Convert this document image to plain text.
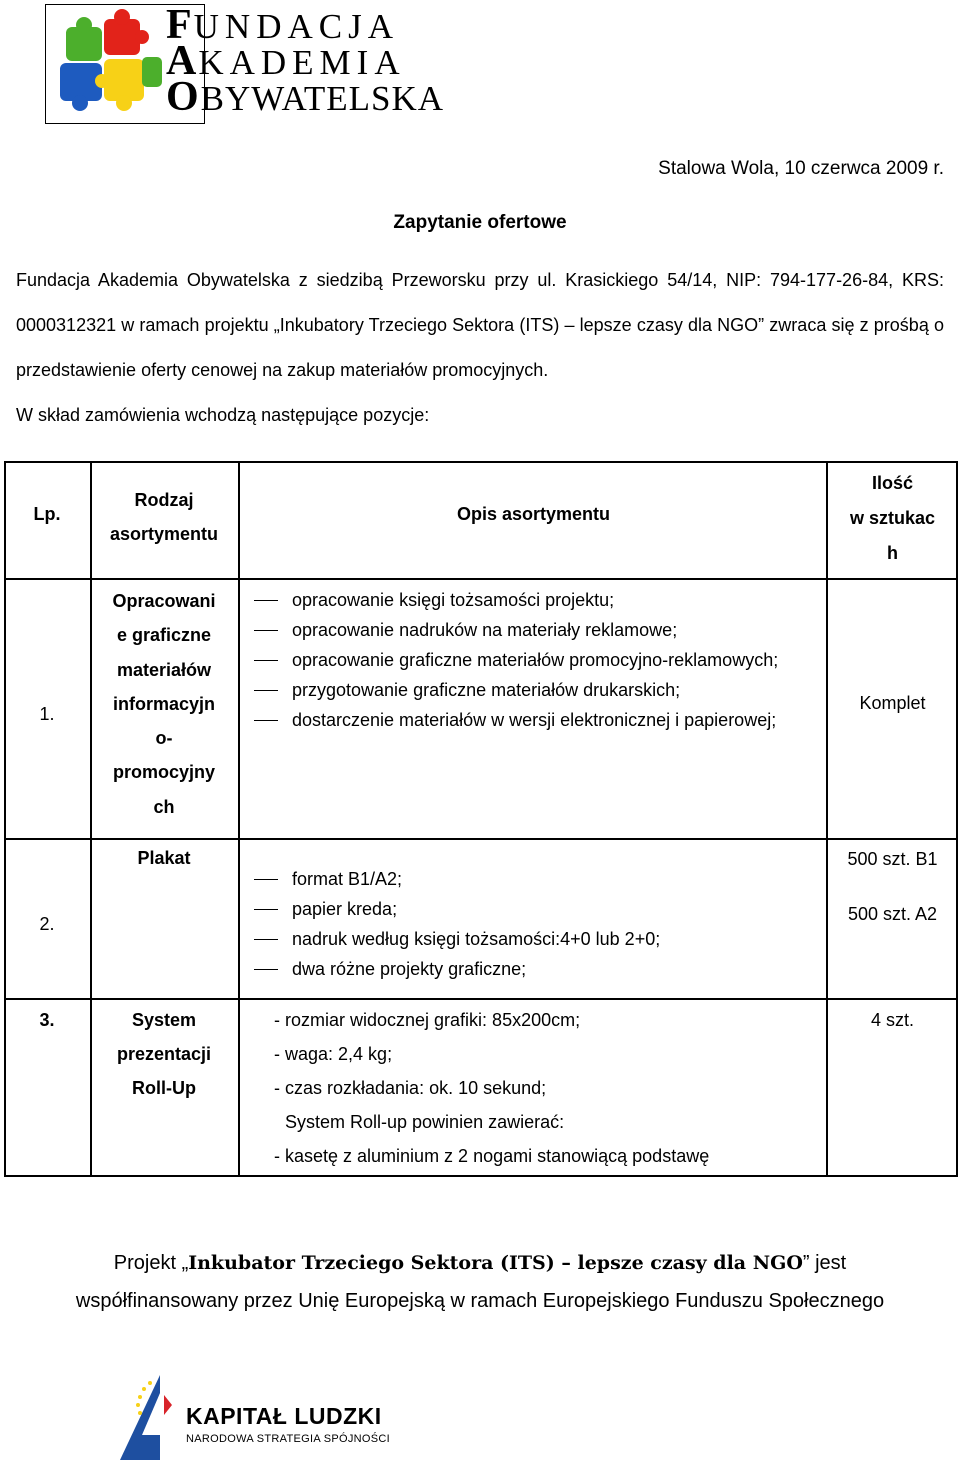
FUNDACJA
AKADEMIA
OBYWATELSKA
Stalowa Wola, 10 czerwca 2009 r.
Zapytanie ofertowe
Fundacja Akademia Obywatelska z siedzibą Przeworsku przy ul. Krasickiego 54/14, NIP: 794-177-26-84, KRS: 0000312321 w ramach projektu „Inkubatory Trzeciego Sektora (ITS) – lepsze czasy dla NGO” zwraca się z prośbą o przedstawienie oferty cenowej na zakup materiałów promocyjnych.
W skład zamówienia wchodzą następujące pozycje:
Lp.
Rodzaj
asortymentu
Opis asortymentu
Ilość
w sztukac
h
1.
Opracowani
e graficzne
materiałów
informacyjn
o-
promocyjny
ch
opracowanie księgi tożsamości projektu;
opracowanie nadruków na materiały reklamowe;
opracowanie graficzne materiałów promocyjno-reklamowych;
przygotowanie graficzne materiałów drukarskich;
dostarczenie materiałów w wersji elektronicznej i papierowej;
Komplet
2.
Plakat
format B1/A2;
papier kreda;
nadruk według księgi tożsamości:4+0 lub 2+0;
dwa różne projekty graficzne;
500 szt. B1
500 szt. A2
3.	System
prezentacji
Roll-Up
- rozmiar widocznej grafiki: 85x200cm;
- waga: 2,4 kg;
- czas rozkładania: ok. 10 sekund;
System Roll-up powinien zawierać:
- kasetę z aluminium z 2 nogami stanowiącą podstawę
4 szt.
Projekt „Inkubator Trzeciego Sektora (ITS) – lepsze czasy dla NGO” jest
współfinansowany przez Unię Europejską w ramach Europejskiego Funduszu Społecznego
KAPITAŁ LUDZKI
NARODOWA STRATEGIA SPÓJNOŚCI
